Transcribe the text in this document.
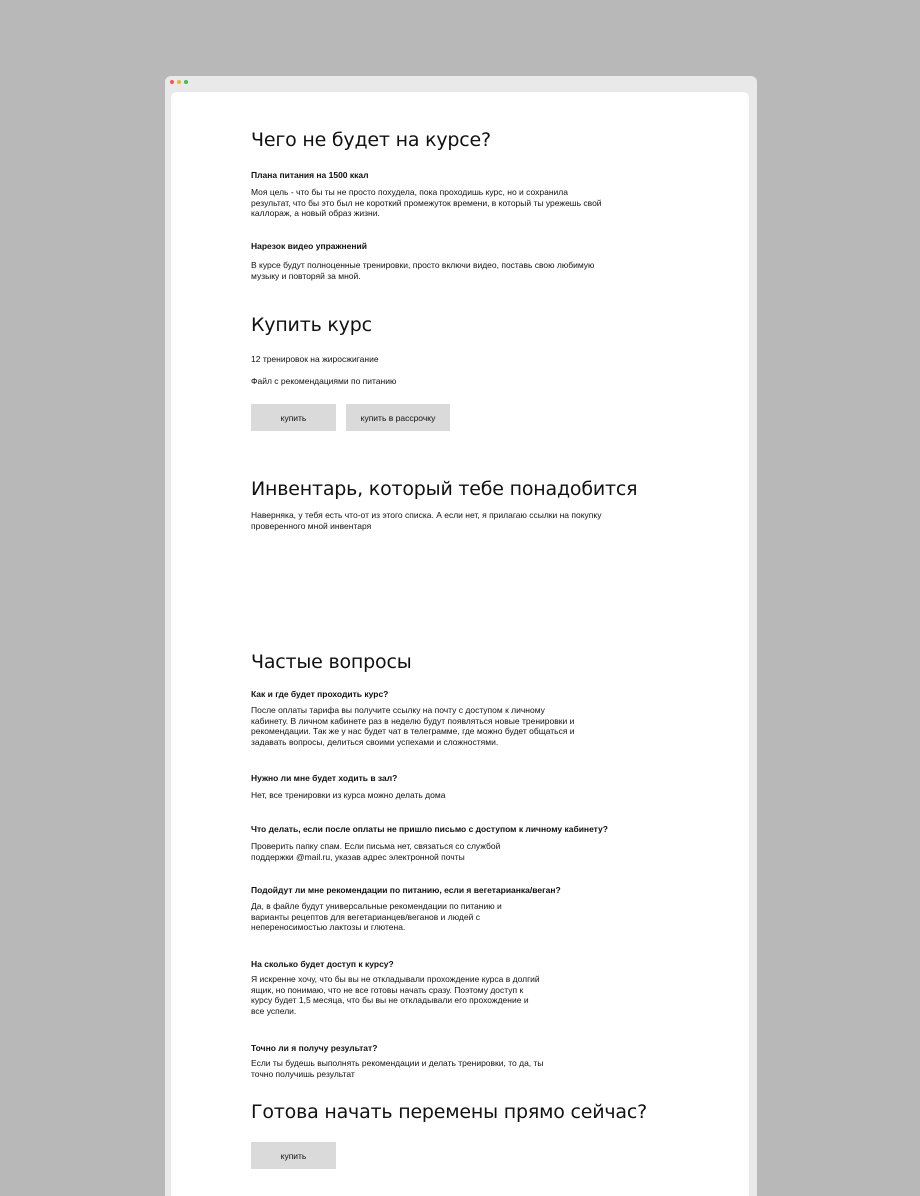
Чего не будет на курсе?
Плана питания на 1500 ккал

Моя цель - что бы ты не просто похудела, пока проходишь курс, но и сохранила результат, что бы это был не короткий промежуток времени, в который ты урежешь свой каллораж, а новый образ жизни.

Нарезок видео упражнений

В курсе будут полноценные тренировки, просто включи видео, поставь свою любимую музыку и повторяй за мной.

Купить курс

12 тренировок на жиросжигание

Файл с рекомендациями по питанию

купить	купить в рассрочку
Инвентарь, который тебе понадобится

Наверняка, у тебя есть что-от из этого списка. А если нет, я прилагаю ссылки на покупку проверенного мной инвентаря

Частые вопросы
Как и где будет проходить курс?

После оплаты тарифа вы получите ссылку на почту с доступом к личному кабинету. В личном кабинете раз в неделю будут появляться новые тренировки и рекомендации. Так же у нас будет чат в телеграмме, где можно будет общаться и задавать вопросы, делиться своими успехами и сложностями.

Нужно ли мне будет ходить в зал?

Нет, все тренировки из курса можно делать дома

Что делать, если после оплаты не пришло письмо с доступом к личному кабинету?

Проверить папку спам. Если письма нет, связаться со службой поддержки @mail.ru, указав адрес электронной почты

Подойдут ли мне рекомендации по питанию, если я вегетарианка/веган?

Да, в файле будут универсальные рекомендации по питанию и варианты рецептов для вегетарианцев/веганов и людей с непереносимостью лактозы и глютена.

На сколько будет доступ к курсу?

Я искренне хочу, что бы вы не откладывали прохождение курса в долгий ящик, но понимаю, что не все готовы начать сразу. Поэтому доступ к курсу будет 1,5 месяца, что бы вы не откладывали его прохождение и все успели.

Точно ли я получу результат?

Если ты будешь выполнять рекомендации и делать тренировки, то да, ты точно получишь результат

Готова начать перемены прямо сейчас?
купить
